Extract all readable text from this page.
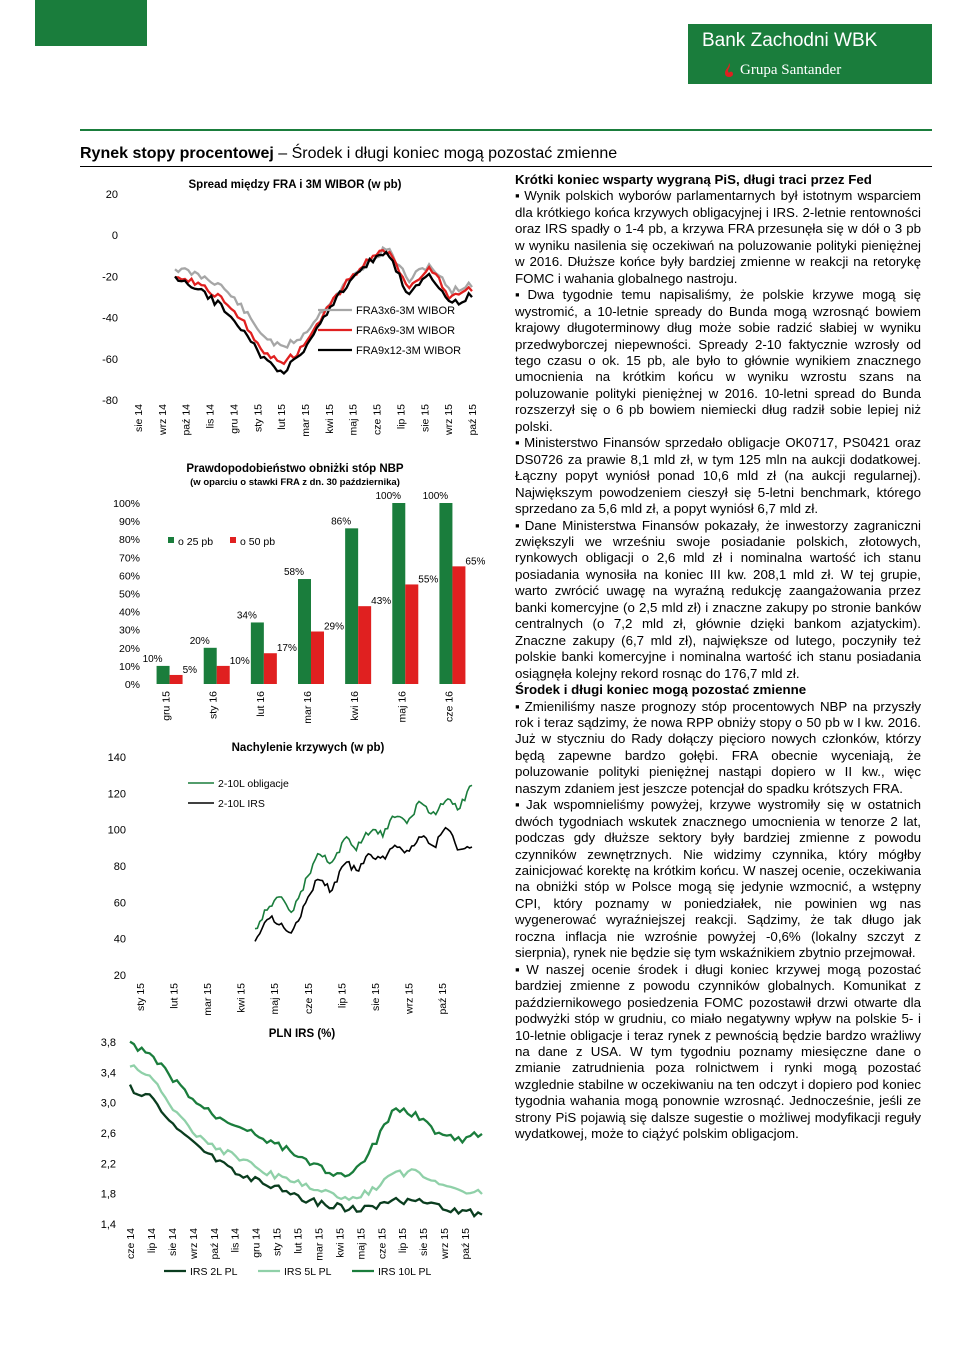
Bank Zachodni WBK
Grupa Santander
Rynek stopy procentowej – Środek i długi koniec mogą pozostać zmienne
Spread między FRA i 3M WIBOR (w pb)
20
0
-20
-40
-60
-80
sie 14 wrz 14 paź 14 lis 14 gru 14 sty 15 lut 15 mar 15 kwi 15 maj 15 cze 15 lip 15 sie 15 wrz 15 paź 15
FRA3x6-3M WIBOR
FRA6x9-3M WIBOR
FRA9x12-3M WIBOR
Prawdopodobieństwo obniżki stóp NBP
(w oparciu o stawki FRA z dn. 30 października)
100%
90%
80%
70%
60%
50%
40%
30%
20%
10%
0%
10%
5%
20%
10%
34%
17%
58%
29%
86%
43%
100%
55%
100%
65%
gru 15	sty 16	lut 16	mar 16	kwi 16	maj 16	cze 16
o 25 pb	o 50 pb
Nachylenie krzywych (w pb)
140
120
100
80
60
40
20
sty 15 lut 15 mar 15 kwi 15 maj 15 cze 15 lip 15 sie 15 wrz 15 paź 15
2-10L obligacje
2-10L IRS
PLN IRS (%)
3,8
3,4
3,0
2,6
2,2
1,8
1,4
cze 14 lip 14 sie 14 wrz 14 paź 14 lis 14 gru 14 sty 15 lut 15 mar 15 kwi 15 maj 15 cze 15 lip 15 sie 15 wrz 15 paź 15
IRS 2L PL	IRS 5L PL	IRS 10L PL
Krótki koniec wsparty wygraną PiS, długi traci przez Fed

▪ Wynik polskich wyborów parlamentarnych był istotnym wsparciem dla krótkiego końca krzywych obligacyjnej i IRS. 2-letnie rentowności oraz IRS spadły o 1-4 pb, a krzywa FRA przesunęła się w dół o 3 pb w wyniku nasilenia się oczekiwań na poluzowanie polityki pieniężnej w 2016. Dłuższe końce były bardziej zmienne w reakcji na retorykę FOMC i wahania globalnego nastroju.

▪ Dwa tygodnie temu napisaliśmy, że polskie krzywe mogą się wystromić, a 10-letnie spready do Bunda mogą wzrosnąć bowiem krajowy długoterminowy dług może sobie radzić słabiej w wyniku przedwyborczej niepewności. Spready 2-10 faktycznie wzrosły od tego czasu o ok. 15 pb, ale było to głównie wynikiem znacznego umocnienia na krótkim końcu w wyniku wzrostu szans na poluzowanie polityki pieniężnej w 2016. 10-letni spread do Bunda rozszerzył się o 6 pb bowiem niemiecki dług radził sobie lepiej niż polski.

▪ Ministerstwo Finansów sprzedało obligacje OK0717, PS0421 oraz DS0726 za prawie 8,1 mld zł, w tym 125 mln na aukcji dodatkowej. Łączny popyt wyniósł ponad 10,6 mld zł (na aukcji regularnej). Największym powodzeniem cieszył się 5-letni benchmark, którego sprzedano za 5,6 mld zł, a popyt wyniósł 6,7 mld zł.

▪ Dane Ministerstwa Finansów pokazały, że inwestorzy zagraniczni zwiększyli we wrześniu swoje posiadanie polskich, złotowych, rynkowych obligacji o 2,6 mld zł i nominalna wartość ich stanu posiadania wynosiła na koniec III kw. 208,1 mld zł. W tej grupie, warto zwrócić uwagę na wyraźną redukcję zaangażowania przez banki komercyjne (o 2,5 mld zł) i znaczne zakupy po stronie banków centralnych (o 7,2 mld zł, głównie dzięki bankom azjatyckim). Znaczne zakupy (6,7 mld zł), największe od lutego, poczyniły też polskie banki komercyjne i nominalna wartość ich stanu posiadania osiągnęła kolejny rekord rosnąc do 176,7 mld zł.

Środek i długi koniec mogą pozostać zmienne

▪ Zmieniliśmy nasze prognozy stóp procentowych NBP na przyszły rok i teraz sądzimy, że nowa RPP obniży stopy o 50 pb w I kw. 2016. Już w styczniu do Rady dołączy pięcioro nowych członków, którzy będą zapewne bardzo gołębi. FRA obecnie wyceniają, że poluzowanie polityki pieniężnej nastąpi dopiero w II kw., więc naszym zdaniem jest jeszcze potencjał do spadku krótszych FRA.

▪ Jak wspomnieliśmy powyżej, krzywe wystromiły się w ostatnich dwóch tygodniach wskutek znacznego umocnienia w tenorze 2 lat, podczas gdy dłuższe sektory były bardziej zmienne z powodu czynników zewnętrznych. Nie widzimy czynnika, który mógłby zainicjować korektę na krótkim końcu. W naszej ocenie, oczekiwania na obniżki stóp w Polsce mogą się jedynie wzmocnić, a wstępny CPI, który poznamy w poniedziałek, nie powinien wg nas wygenerować wyraźniejszej reakcji. Sądzimy, że tak długo jak roczna inflacja nie wzrośnie powyżej -0,6% (lokalny szczyt z sierpnia), rynek nie będzie się tym wskaźnikiem zbytnio przejmował.

▪ W naszej ocenie środek i długi koniec krzywej mogą pozostać bardziej zmienne z powodu czynników globalnych. Komunikat z październikowego posiedzenia FOMC pozostawił drzwi otwarte dla podwyżki stóp w grudniu, co miało negatywny wpływ na polskie 5- i 10-letnie obligacje i teraz rynek z pewnością będzie bardzo wrażliwy na dane z USA. W tym tygodniu poznamy miesięczne dane o zmianie zatrudnienia poza rolnictwem i rynki mogą pozostać wzglednie stabilne w oczekiwaniu na ten odczyt i dopiero pod koniec tygodnia wahania mogą ponownie wzrosnąć. Jednocześnie, jeśli ze strony PiS pojawią się dalsze sugestie o możliwej modyfikacji reguły wydatkowej, może to ciążyć polskim obligacjom.
